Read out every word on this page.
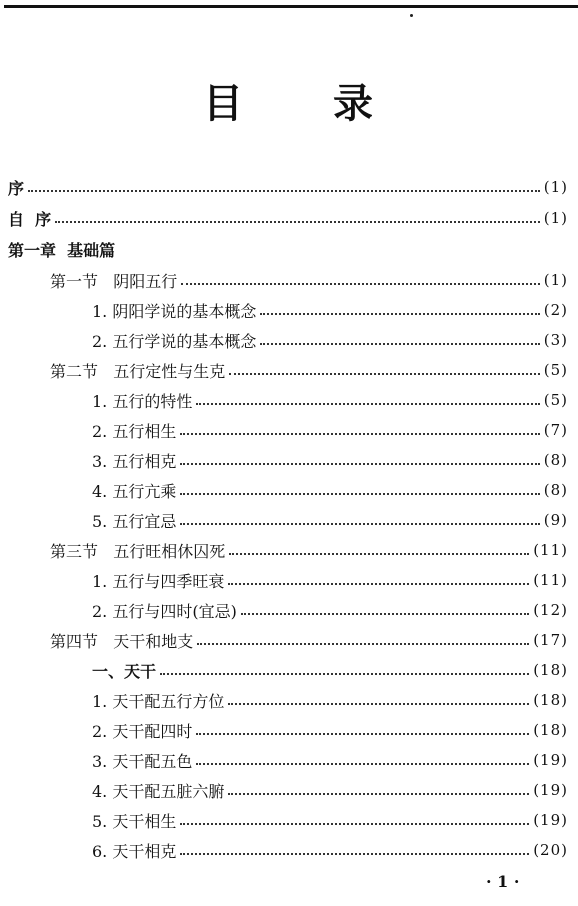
目 录
序	(1)
自  序	(1)
第一章  基础篇
第一节   阴阳五行	(1)
1. 阴阳学说的基本概念	(2)
2. 五行学说的基本概念	(3)
第二节   五行定性与生克	(5)
1. 五行的特性	(5)
2. 五行相生	(7)
3. 五行相克	(8)
4. 五行亢乘	(8)
5. 五行宜忌	(9)
第三节   五行旺相休囚死	(11)
1. 五行与四季旺衰	(11)
2. 五行与四时(宜忌)	(12)
第四节   天干和地支	(17)
一、天干	(18)
1. 天干配五行方位	(18)
2. 天干配四时	(18)
3. 天干配五色	(19)
4. 天干配五脏六腑	(19)
5. 天干相生	(19)
6. 天干相克	(20)
· 1 ·
